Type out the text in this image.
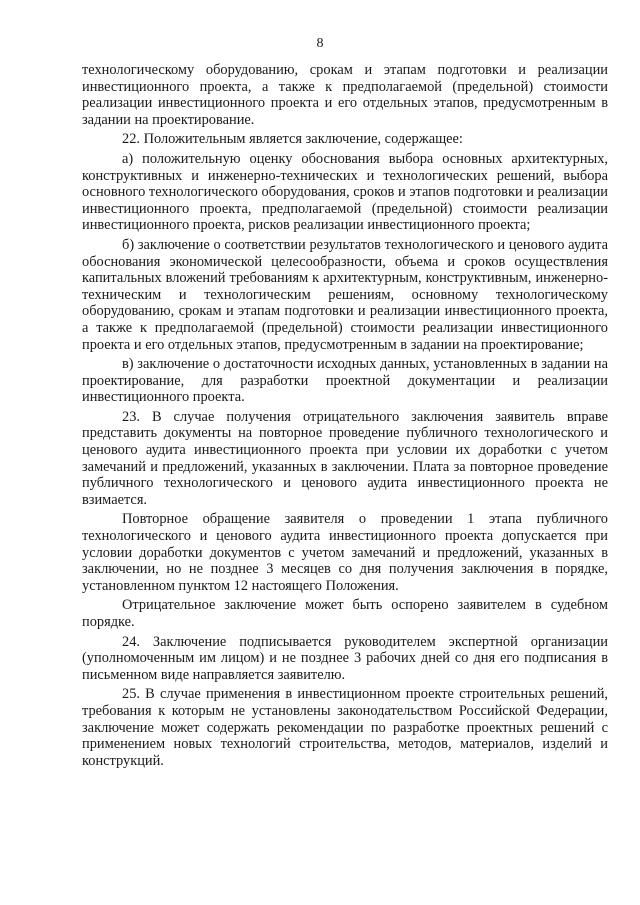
8

технологическому оборудованию, срокам и этапам подготовки и реализации инвестиционного проекта, а также к предполагаемой (предельной) стоимости реализации инвестиционного проекта и его отдельных этапов, предусмотренным в задании на проектирование.

22. Положительным является заключение, содержащее:

а) положительную оценку обоснования выбора основных архитектурных, конструктивных и инженерно-технических и технологических решений, выбора основного технологического оборудования, сроков и этапов подготовки и реализации инвестиционного проекта, предполагаемой (предельной) стоимости реализации инвестиционного проекта, рисков реализации инвестиционного проекта;

б) заключение о соответствии результатов технологического и ценового аудита обоснования экономической целесообразности, объема и сроков осуществления капитальных вложений требованиям к архитектурным, конструктивным, инженерно-техническим и технологическим решениям, основному технологическому оборудованию, срокам и этапам подготовки и реализации инвестиционного проекта, а также к предполагаемой (предельной) стоимости реализации инвестиционного проекта и его отдельных этапов, предусмотренным в задании на проектирование;

в) заключение о достаточности исходных данных, установленных в задании на проектирование, для разработки проектной документации и реализации инвестиционного проекта.

23. В случае получения отрицательного заключения заявитель вправе представить документы на повторное проведение публичного технологического и ценового аудита инвестиционного проекта при условии их доработки с учетом замечаний и предложений, указанных в заключении. Плата за повторное проведение публичного технологического и ценового аудита инвестиционного проекта не взимается.

Повторное обращение заявителя о проведении 1 этапа публичного технологического и ценового аудита инвестиционного проекта допускается при условии доработки документов с учетом замечаний и предложений, указанных в заключении, но не позднее 3 месяцев со дня получения заключения в порядке, установленном пунктом 12 настоящего Положения.

Отрицательное заключение может быть оспорено заявителем в судебном порядке.

24. Заключение подписывается руководителем экспертной организации (уполномоченным им лицом) и не позднее 3 рабочих дней со дня его подписания в письменном виде направляется заявителю.

25. В случае применения в инвестиционном проекте строительных решений, требования к которым не установлены законодательством Российской Федерации, заключение может содержать рекомендации по разработке проектных решений с применением новых технологий строительства, методов, материалов, изделий и конструкций.
